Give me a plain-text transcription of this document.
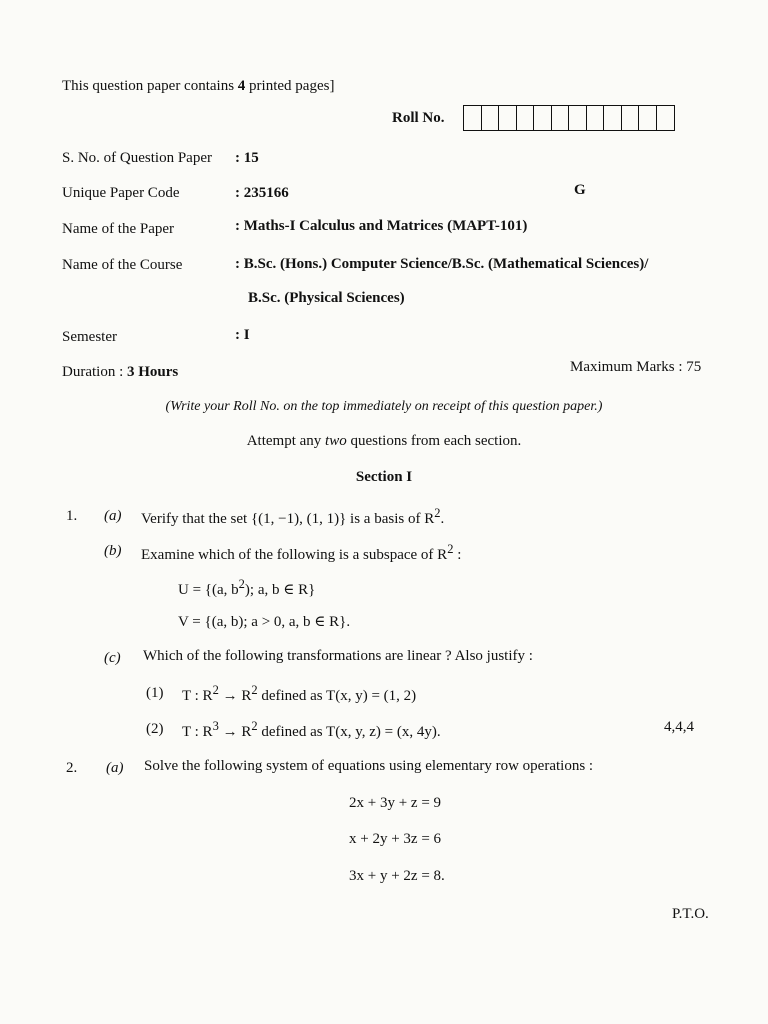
This question paper contains 4 printed pages]
Roll No.
S. No. of Question Paper : 15
Unique Paper Code	: 235166	G
Name of the Paper	: Maths-I Calculus and Matrices (MAPT-101)
Name of the Course	: B.Sc. (Hons.) Computer Science/B.Sc. (Mathematical Sciences)/
B.Sc. (Physical Sciences)
Semester	: I
Duration : 3 Hours	Maximum Marks : 75
(Write your Roll No. on the top immediately on receipt of this question paper.)
Attempt any two questions from each section.
Section I
1. (a) Verify that the set {(1, −1), (1, 1)} is a basis of $R^2$.
(b) Examine which of the following is a subspace of $R^2$ :
U = {(a, $b^2$); a, b ∈ R}
V = {(a, b); a > 0, a, b ∈ R}.
(c) Which of the following transformations are linear ? Also justify :
(1) T : $R^2 \to R^2$ defined as T(x, y) = (1, 2)
(2) T : $R^3 \to R^2$ defined as T(x, y, z) = (x, 4y).	4,4,4
2. (a) Solve the following system of equations using elementary row operations :
2x + 3y + z = 9
x + 2y + 3z = 6
3x + y + 2z = 8.
P.T.O.
